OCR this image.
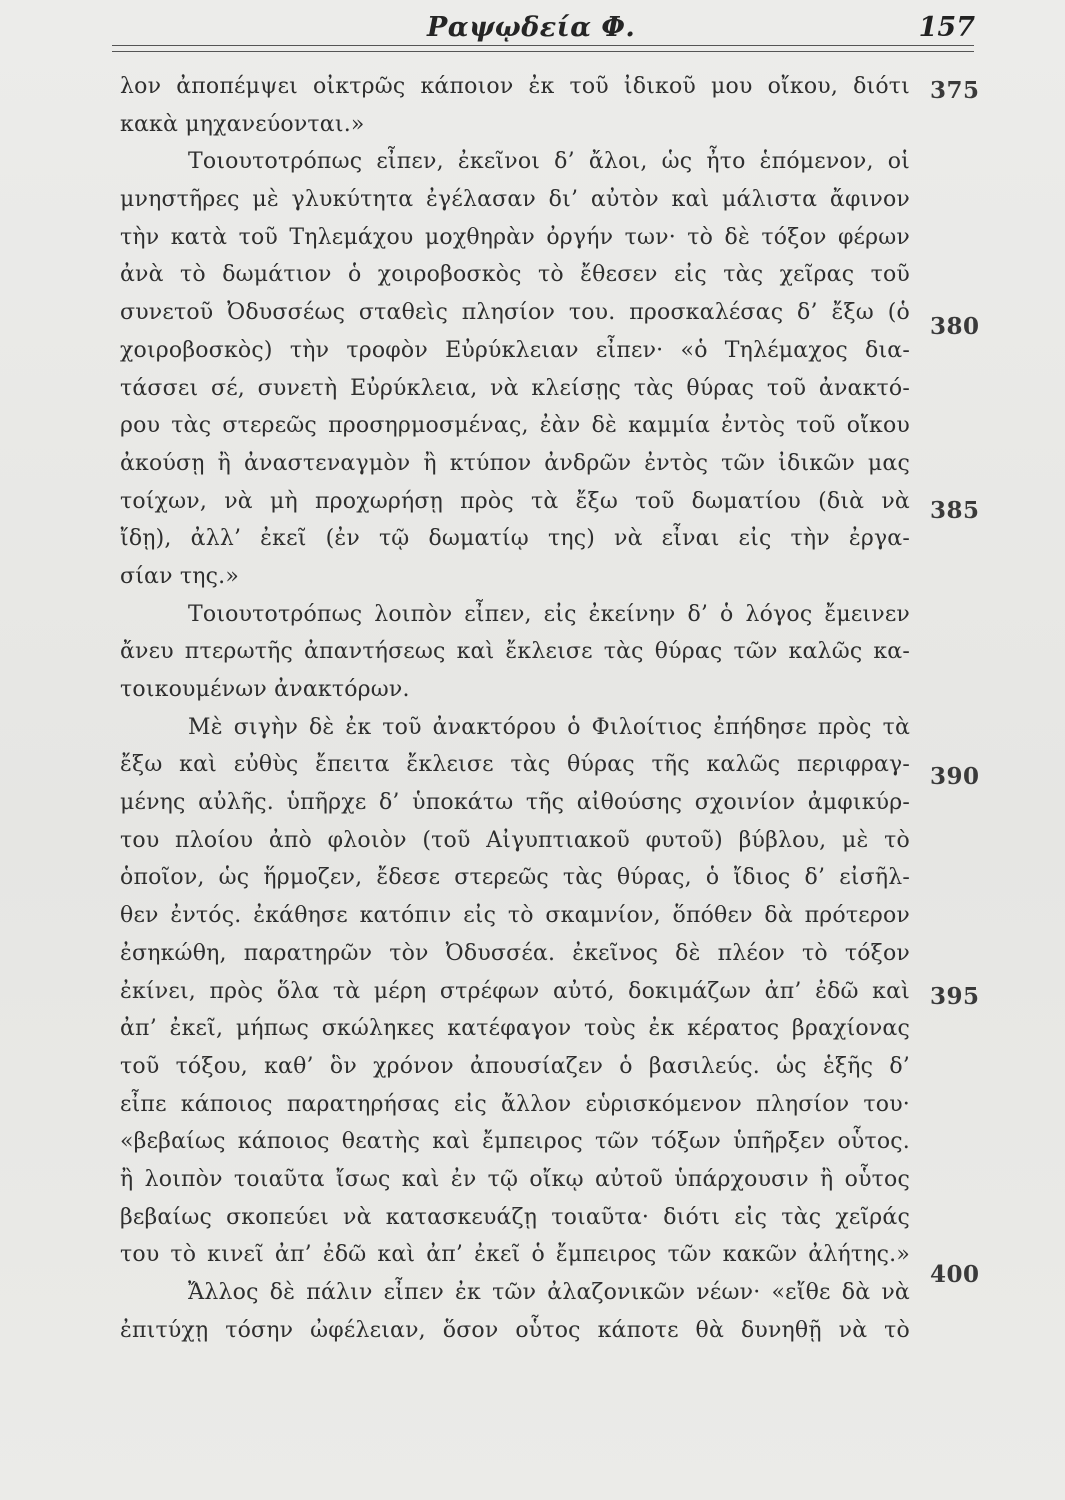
Ραψῳδεία Φ.	157
λον ἀποπέμψει οἰκτρῶς κάποιον ἐκ τοῦ ἰδικοῦ μου οἴκου, διότι
κακὰ μηχανεύονται.»
Τοιουτοτρόπως εἶπεν, ἐκεῖνοι δ’ ἄλοι, ὡς ἦτο ἑπόμενον, οἱ
μνηστῆρες μὲ γλυκύτητα ἐγέλασαν δι’ αὐτὸν καὶ μάλιστα ἄφινον
τὴν κατὰ τοῦ Τηλεμάχου μοχθηρὰν ὀργήν των· τὸ δὲ τόξον φέρων
ἀνὰ τὸ δωμάτιον ὁ χοιροβοσκὸς τὸ ἔθεσεν εἰς τὰς χεῖρας τοῦ
συνετοῦ Ὀδυσσέως σταθεὶς πλησίον του. προσκαλέσας δ’ ἔξω (ὁ
χοιροβοσκὸς) τὴν τροφὸν Εὐρύκλειαν εἶπεν· «ὁ Τηλέμαχος δια-
τάσσει σέ, συνετὴ Εὐρύκλεια, νὰ κλείσῃς τὰς θύρας τοῦ ἀνακτό-
ρου τὰς στερεῶς προσηρμοσμένας, ἐὰν δὲ καμμία ἐντὸς τοῦ οἴκου
ἀκούσῃ ἢ ἀναστεναγμὸν ἢ κτύπον ἀνδρῶν ἐντὸς τῶν ἰδικῶν μας
τοίχων, νὰ μὴ προχωρήσῃ πρὸς τὰ ἔξω τοῦ δωματίου (διὰ νὰ
ἴδῃ), ἀλλ’ ἐκεῖ (ἐν τῷ δωματίῳ της) νὰ εἶναι εἰς τὴν ἐργα-
σίαν της.»
Τοιουτοτρόπως λοιπὸν εἶπεν, εἰς ἐκείνην δ’ ὁ λόγος ἔμεινεν
ἄνευ πτερωτῆς ἀπαντήσεως καὶ ἔκλεισε τὰς θύρας τῶν καλῶς κα-
τοικουμένων ἀνακτόρων.
Μὲ σιγὴν δὲ ἐκ τοῦ ἀνακτόρου ὁ Φιλοίτιος ἐπήδησε πρὸς τὰ
ἔξω καὶ εὐθὺς ἔπειτα ἔκλεισε τὰς θύρας τῆς καλῶς περιφραγ-
μένης αὐλῆς. ὑπῆρχε δ’ ὑποκάτω τῆς αἰθούσης σχοινίον ἀμφικύρ-
του πλοίου ἀπὸ φλοιὸν (τοῦ Αἰγυπτιακοῦ φυτοῦ) βύβλου, μὲ τὸ
ὁποῖον, ὡς ἥρμοζεν, ἔδεσε στερεῶς τὰς θύρας, ὁ ἴδιος δ’ εἰσῆλ-
θεν ἐντός. ἐκάθησε κατόπιν εἰς τὸ σκαμνίον, ὅπόθεν δὰ πρότερον
ἐσηκώθη, παρατηρῶν τὸν Ὀδυσσέα. ἐκεῖνος δὲ πλέον τὸ τόξον
ἐκίνει, πρὸς ὅλα τὰ μέρη στρέφων αὐτό, δοκιμάζων ἀπ’ ἐδῶ καὶ
ἀπ’ ἐκεῖ, μήπως σκώληκες κατέφαγον τοὺς ἐκ κέρατος βραχίονας
τοῦ τόξου, καθ’ ὃν χρόνον ἀπουσίαζεν ὁ βασιλεύς. ὡς ἑξῆς δ’
εἶπε κάποιος παρατηρήσας εἰς ἄλλον εὑρισκόμενον πλησίον του·
«βεβαίως κάποιος θεατὴς καὶ ἔμπειρος τῶν τόξων ὑπῆρξεν οὗτος.
ἢ λοιπὸν τοιαῦτα ἴσως καὶ ἐν τῷ οἴκῳ αὐτοῦ ὑπάρχουσιν ἢ οὗτος
βεβαίως σκοπεύει νὰ κατασκευάζῃ τοιαῦτα· διότι εἰς τὰς χεῖράς
του τὸ κινεῖ ἀπ’ ἐδῶ καὶ ἀπ’ ἐκεῖ ὁ ἔμπειρος τῶν κακῶν ἀλήτης.»
Ἄλλος δὲ πάλιν εἶπεν ἐκ τῶν ἀλαζονικῶν νέων· «εἴθε δὰ νὰ
ἐπιτύχῃ τόσην ὠφέλειαν, ὅσον οὗτος κάποτε θὰ δυνηθῇ νὰ τὸ
375
380
385
390
395
400
